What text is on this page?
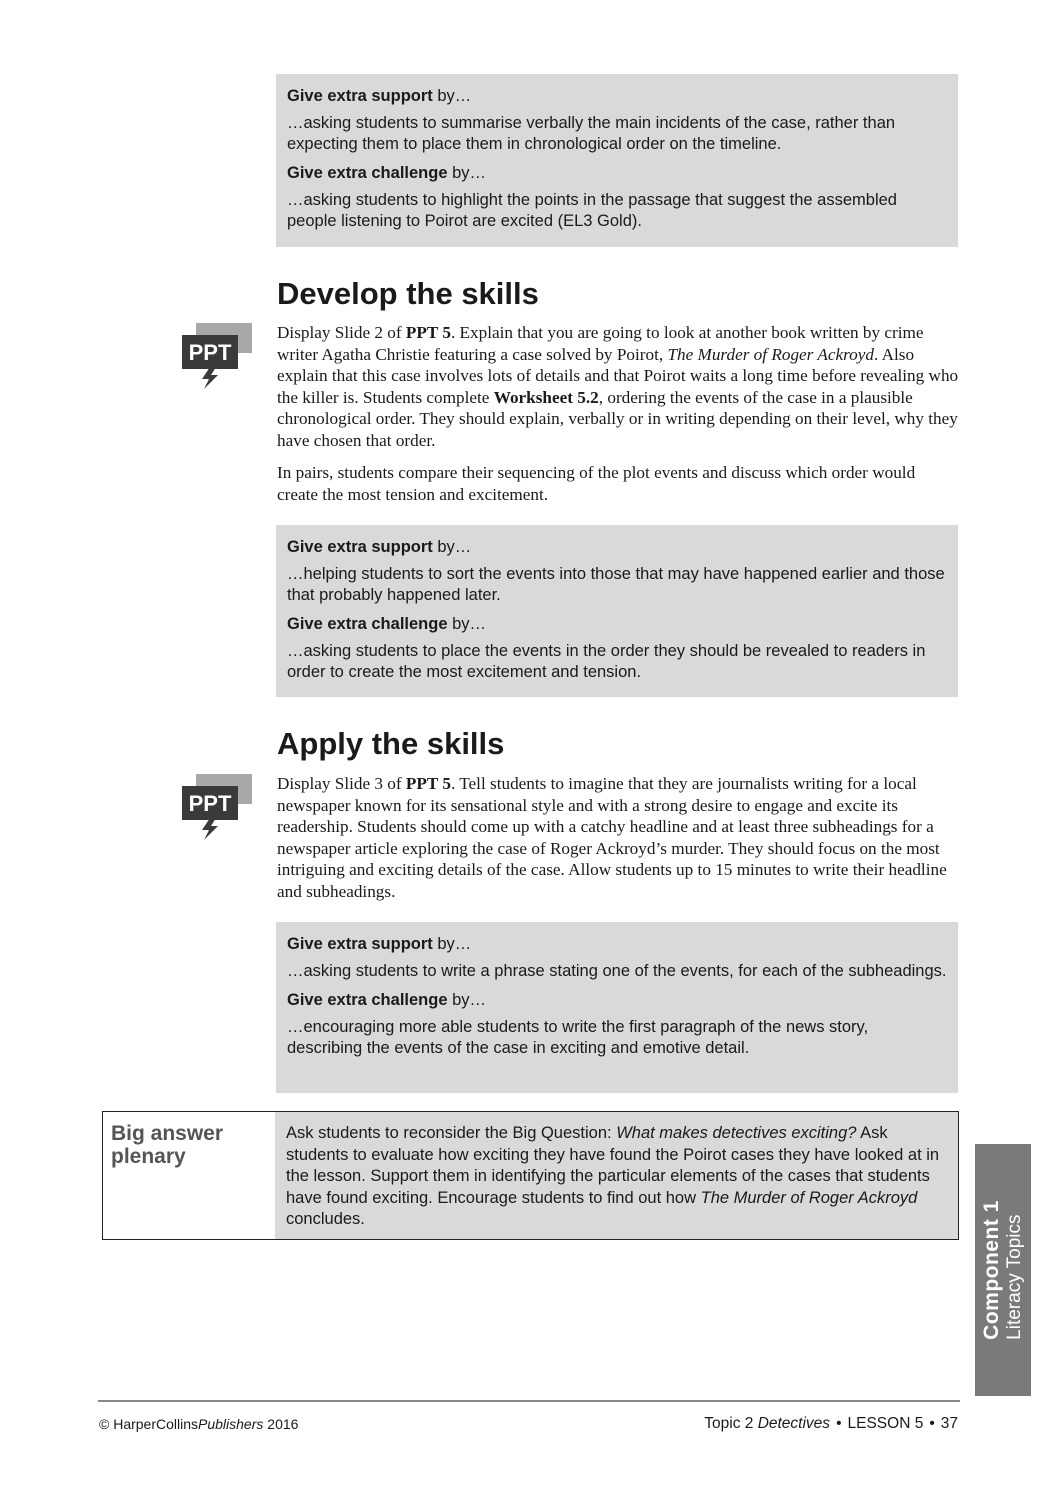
Give extra support by…
…asking students to summarise verbally the main incidents of the case, rather than expecting them to place them in chronological order on the timeline.
Give extra challenge by…
…asking students to highlight the points in the passage that suggest the assembled people listening to Poirot are excited (EL3 Gold).
Develop the skills
PPT

Display Slide 2 of PPT 5. Explain that you are going to look at another book written by crime writer Agatha Christie featuring a case solved by Poirot, The Murder of Roger Ackroyd. Also explain that this case involves lots of details and that Poirot waits a long time before revealing who the killer is. Students complete Worksheet 5.2, ordering the events of the case in a plausible chronological order. They should explain, verbally or in writing depending on their level, why they have chosen that order.

In pairs, students compare their sequencing of the plot events and discuss which order would create the most tension and excitement.

Give extra support by…
…helping students to sort the events into those that may have happened earlier and those that probably happened later.
Give extra challenge by…
…asking students to place the events in the order they should be revealed to readers in order to create the most excitement and tension.
Apply the skills
PPT

Display Slide 3 of PPT 5. Tell students to imagine that they are journalists writing for a local newspaper known for its sensational style and with a strong desire to engage and excite its readership. Students should come up with a catchy headline and at least three subheadings for a newspaper article exploring the case of Roger Ackroyd’s murder. They should focus on the most intriguing and exciting details of the case. Allow students up to 15 minutes to write their headline and subheadings.

Give extra support by…
…asking students to write a phrase stating one of the events, for each of the subheadings.
Give extra challenge by…
…encouraging more able students to write the first paragraph of the news story, describing the events of the case in exciting and emotive detail.
Big answer plenary
Ask students to reconsider the Big Question: What makes detectives exciting? Ask students to evaluate how exciting they have found the Poirot cases they have looked at in the lesson. Support them in identifying the particular elements of the cases that students have found exciting. Encourage students to find out how The Murder of Roger Ackroyd concludes.	Component 1 Literacy Topics
© HarperCollinsPublishers 2016	Topic 2 Detectives • LESSON 5 • 37
